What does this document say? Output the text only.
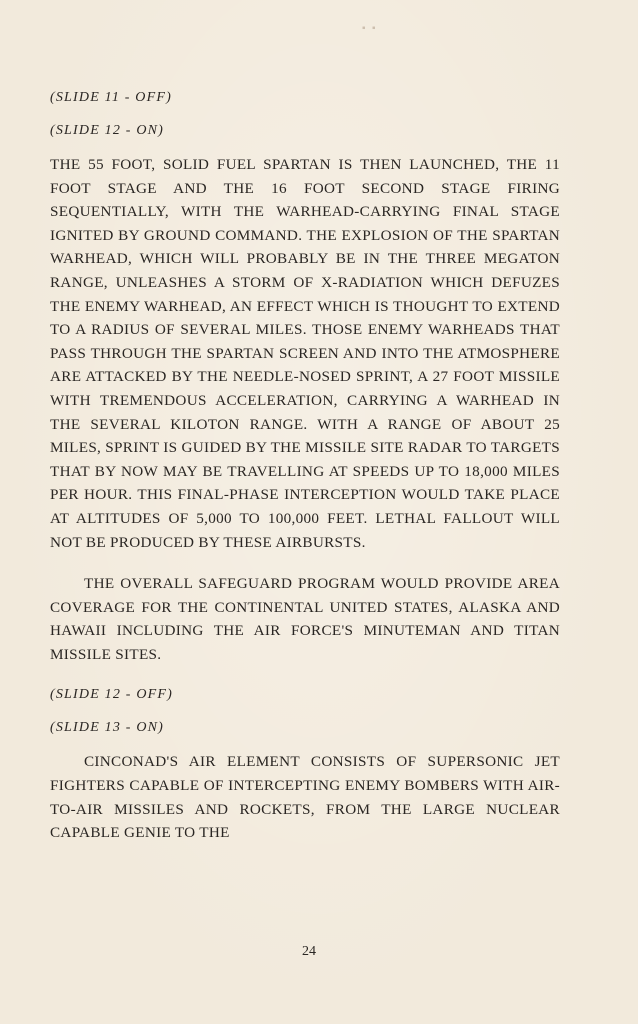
▪ ▪

(SLIDE 11 - OFF)

(SLIDE 12 - ON)

THE 55 FOOT, SOLID FUEL SPARTAN IS THEN LAUNCHED, THE 11 FOOT STAGE AND THE 16 FOOT SECOND STAGE FIRING SEQUENTIALLY, WITH THE WARHEAD-CARRYING FINAL STAGE IGNITED BY GROUND COMMAND. THE EXPLOSION OF THE SPARTAN WARHEAD, WHICH WILL PROBABLY BE IN THE THREE MEGATON RANGE, UNLEASHES A STORM OF X-RADIATION WHICH DEFUZES THE ENEMY WARHEAD, AN EFFECT WHICH IS THOUGHT TO EXTEND TO A RADIUS OF SEVERAL MILES. THOSE ENEMY WARHEADS THAT PASS THROUGH THE SPARTAN SCREEN AND INTO THE ATMOSPHERE ARE ATTACKED BY THE NEEDLE-NOSED SPRINT, A 27 FOOT MISSILE WITH TREMENDOUS ACCELERATION, CARRYING A WARHEAD IN THE SEVERAL KILOTON RANGE. WITH A RANGE OF ABOUT 25 MILES, SPRINT IS GUIDED BY THE MISSILE SITE RADAR TO TARGETS THAT BY NOW MAY BE TRAVELLING AT SPEEDS UP TO 18,000 MILES PER HOUR. THIS FINAL-PHASE INTERCEPTION WOULD TAKE PLACE AT ALTITUDES OF 5,000 TO 100,000 FEET. LETHAL FALLOUT WILL NOT BE PRODUCED BY THESE AIRBURSTS.

THE OVERALL SAFEGUARD PROGRAM WOULD PROVIDE AREA COVERAGE FOR THE CONTINENTAL UNITED STATES, ALASKA AND HAWAII INCLUDING THE AIR FORCE'S MINUTEMAN AND TITAN MISSILE SITES.

(SLIDE 12 - OFF)

(SLIDE 13 - ON)

CINCONAD'S AIR ELEMENT CONSISTS OF SUPERSONIC JET FIGHTERS CAPABLE OF INTERCEPTING ENEMY BOMBERS WITH AIR-TO-AIR MISSILES AND ROCKETS, FROM THE LARGE NUCLEAR CAPABLE GENIE TO THE

24
